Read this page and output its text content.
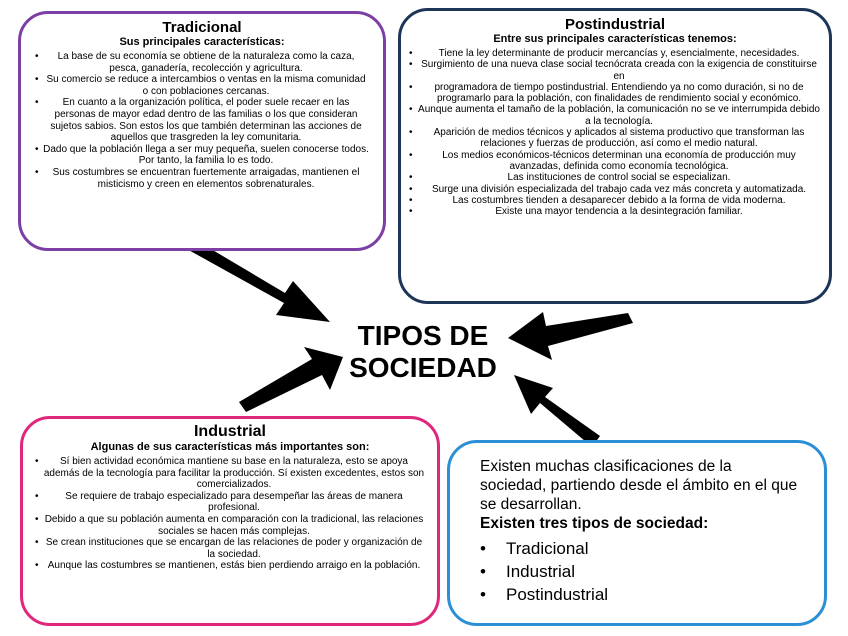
Tradicional
Sus principales características:
• La base de su economía se obtiene de la naturaleza como la caza, pesca, ganadería, recolección y agricultura.
• Su comercio se reduce a intercambios o ventas en la misma comunidad o con poblaciones cercanas.
• En cuanto a la organización política, el poder suele recaer en las personas de mayor edad dentro de las familias o los que consideran sujetos sabios. Son estos los que también determinan las acciones de aquellos que trasgreden la ley comunitaria.
• Dado que la población llega a ser muy pequeña, suelen conocerse todos. Por tanto, la familia lo es todo.
• Sus costumbres se encuentran fuertemente arraigadas, mantienen el misticismo y creen en elementos sobrenaturales.
Postindustrial
Entre sus principales características tenemos:
• Tiene la ley determinante de producir mercancías y, esencialmente, necesidades.
• Surgimiento de una nueva clase social tecnócrata creada con la exigencia de constituirse en
• programadora de tiempo postindustrial. Entendiendo ya no como duración, si no de programarlo para la población, con finalidades de rendimiento social y económico.
• Aunque aumenta el tamaño de la población, la comunicación no se ve interrumpida debido a la tecnología.
• Aparición de medios técnicos y aplicados al sistema productivo que transforman las relaciones y fuerzas de producción, así como el medio natural.
• Los medios económicos-técnicos determinan una economía de producción muy avanzadas, definida como economía tecnológica.
• Las instituciones de control social se especializan.
• Surge una división especializada del trabajo cada vez más concreta y automatizada.
• Las costumbres tienden a desaparecer debido a la forma de vida moderna.
• Existe una mayor tendencia a la desintegración familiar.
TIPOS DE
SOCIEDAD
Industrial
Algunas de sus características más importantes son:
• Sí bien actividad económica mantiene su base en la naturaleza, esto se apoya además de la tecnología para facilitar la producción. Sí existen excedentes, estos son comercializados.
• Se requiere de trabajo especializado para desempeñar las áreas de manera profesional.
• Debido a que su población aumenta en comparación con la tradicional, las relaciones sociales se hacen más complejas.
• Se crean instituciones que se encargan de las relaciones de poder y organización de la sociedad.
• Aunque las costumbres se mantienen, estás bien perdiendo arraigo en la población.

Existen muchas clasificaciones de la sociedad, partiendo desde el ámbito en el que se desarrollan.

Existen tres tipos de sociedad:

• Tradicional
• Industrial
• Postindustrial
